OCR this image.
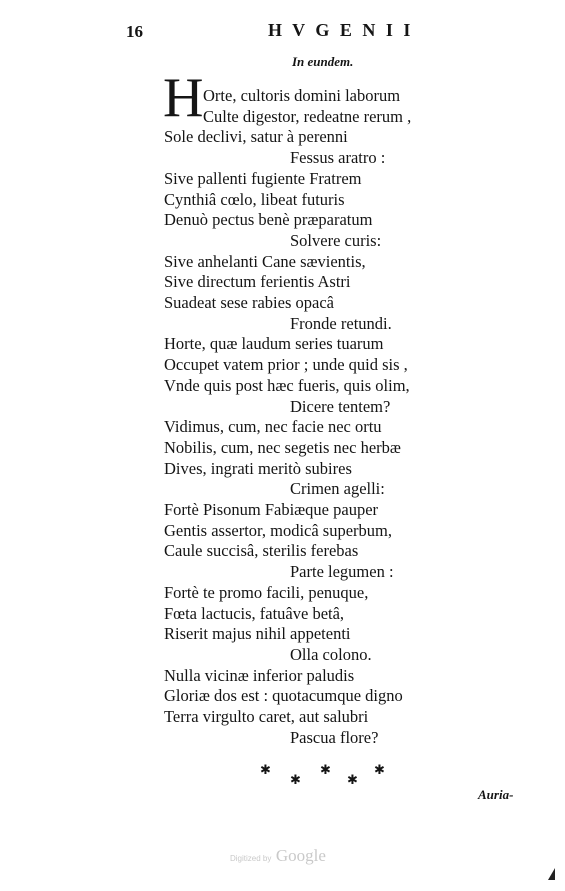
16	H V G E N I I
In eundem.
H Orte, cultoris domini laborum
Culte digestor, redeatne rerum ,
Sole declivi, satur à perenni
Fessus aratro :
Sive pallenti fugiente Fratrem
Cynthiâ cœlo, libeat futuris
Denuò pectus benè præparatum
Solvere curis:
Sive anhelanti Cane sævientis,
Sive directum ferientis Astri
Suadeat sese rabies opacâ
Fronde retundi.
Horte, quæ laudum series tuarum
Occupet vatem prior ; unde quid sis ,
Vnde quis post hæc fueris, quis olim,
Dicere tentem?
Vidimus, cum, nec facie nec ortu
Nobilis, cum, nec segetis nec herbæ
Dives, ingrati meritò subires
Crimen agelli:
Fortè Pisonum Fabiæque pauper
Gentis assertor, modicâ superbum,
Caule succisâ, sterilis ferebas
Parte legumen :
Fortè te promo facili, penuque,
Fœta lactucis, fatuâve betâ,
Riserit majus nihil appetenti
Olla colono.
Nulla vicinæ inferior paludis
Gloriæ dos est : quotacumque digno
Terra virgulto caret, aut salubri
Pascua flore?
✱
✱
✱
✱
✱
Auria-
Digitized by Google
